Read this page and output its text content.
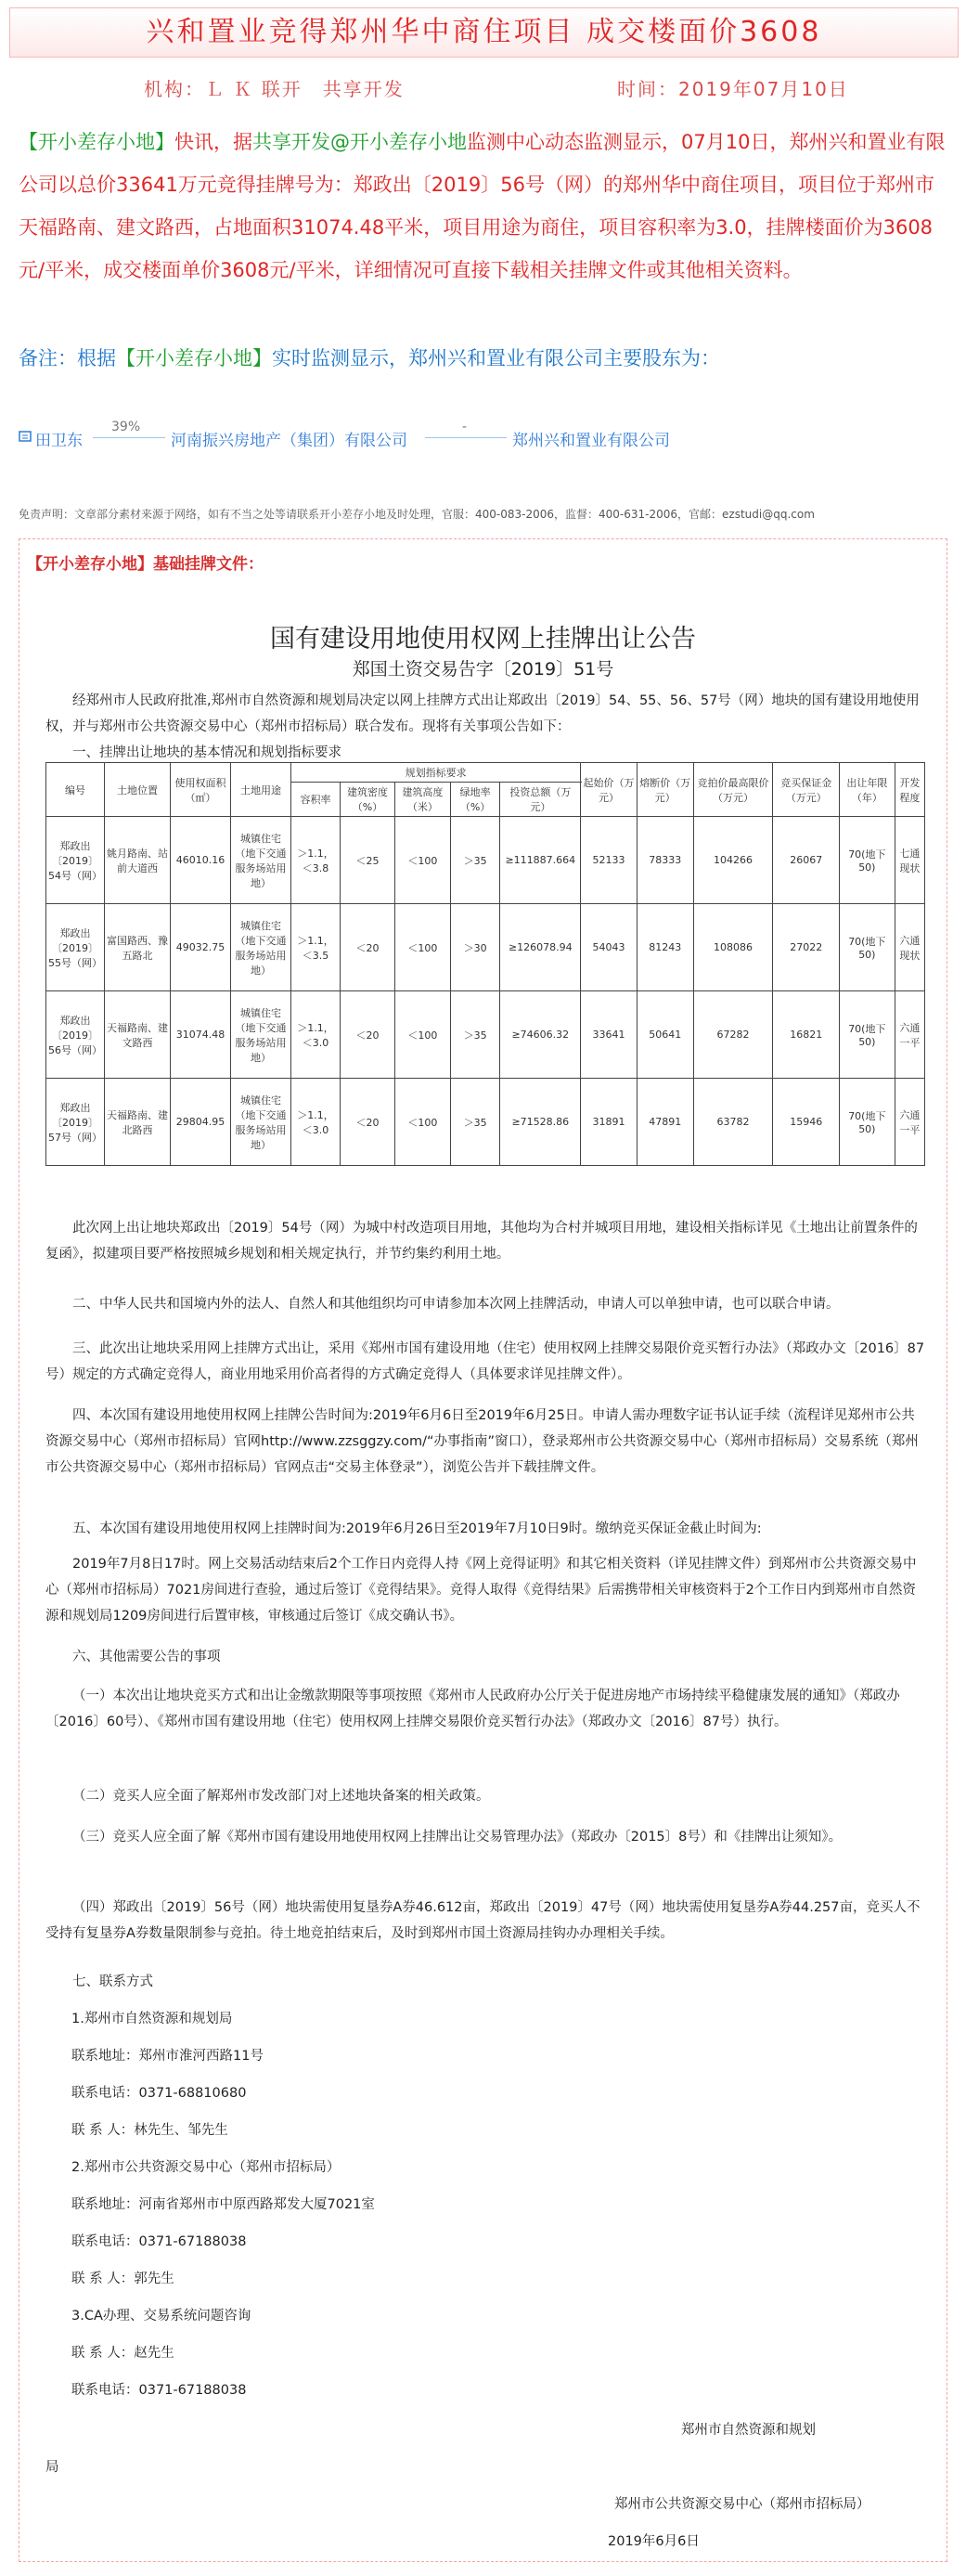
兴和置业竞得郑州华中商住项目 成交楼面价3608
机构：Ｌ Ｋ 联开　共享开发	时间：2019年07月10日
【开小差存小地】快讯，据共享开发@开小差存小地监测中心动态监测显示，07月10日，郑州兴和置业有限公司以总价33641万元竞得挂牌号为：郑政出〔2019〕56号（网）的郑州华中商住项目，项目位于郑州市天福路南、建文路西，占地面积31074.48平米，项目用途为商住，项目容积率为3.0，挂牌楼面价为3608元/平米，成交楼面单价3608元/平米，详细情况可直接下载相关挂牌文件或其他相关资料。
备注：根据【开小差存小地】实时监测显示，郑州兴和置业有限公司主要股东为：
田卫东
39%
河南振兴房地产（集团）有限公司
-
郑州兴和置业有限公司
免责声明：文章部分素材来源于网络，如有不当之处等请联系开小差存小地及时处理，官服：400-083-2006，监督：400-631-2006，官邮：ezstudi@qq.com
【开小差存小地】基础挂牌文件：
国有建设用地使用权网上挂牌出让公告
郑国土资交易告字〔2019〕51号
经郑州市人民政府批准,郑州市自然资源和规划局决定以网上挂牌方式出让郑政出〔2019〕54、55、56、57号（网）地块的国有建设用地使用权，并与郑州市公共资源交易中心（郑州市招标局）联合发布。现将有关事项公告如下：
一、挂牌出让地块的基本情况和规划指标要求
编号	土地位置	使用权面积（㎡）	土地用途	规划指标要求					起始价（万元）	熔断价（万元）	竞拍价最高限价（万元）	竞买保证金（万元）	出让年限（年）	开发程度
				容积率	建筑密度（%）	建筑高度（米）	绿地率（%）	投资总额（万元）						
郑政出〔2019〕54号（网）	姚月路南、站前大道西	46010.16	城镇住宅（地下交通服务场站用地）	＞1.1，＜3.8	＜25	＜100	＞35	≥111887.664	52133	78333	104266	26067	70(地下50)	七通现状
郑政出〔2019〕55号（网）	富国路西、豫五路北	49032.75	城镇住宅（地下交通服务场站用地）	＞1.1，＜3.5	＜20	＜100	＞30	≥126078.94	54043	81243	108086	27022	70(地下50)	六通现状
郑政出〔2019〕56号（网）	天福路南、建文路西	31074.48	城镇住宅（地下交通服务场站用地）	＞1.1，＜3.0	＜20	＜100	＞35	≥74606.32	33641	50641	67282	16821	70(地下50)	六通一平
郑政出〔2019〕57号（网）	天福路南、建北路西	29804.95	城镇住宅（地下交通服务场站用地）	＞1.1，＜3.0	＜20	＜100	＞35	≥71528.86	31891	47891	63782	15946	70(地下50)	六通一平
此次网上出让地块郑政出〔2019〕54号（网）为城中村改造项目用地，其他均为合村并城项目用地，建设相关指标详见《土地出让前置条件的复函》，拟建项目要严格按照城乡规划和相关规定执行，并节约集约利用土地。
二、中华人民共和国境内外的法人、自然人和其他组织均可申请参加本次网上挂牌活动，申请人可以单独申请，也可以联合申请。
三、此次出让地块采用网上挂牌方式出让，采用《郑州市国有建设用地（住宅）使用权网上挂牌交易限价竞买暂行办法》（郑政办文〔2016〕87号）规定的方式确定竞得人，商业用地采用价高者得的方式确定竞得人（具体要求详见挂牌文件）。
四、本次国有建设用地使用权网上挂牌公告时间为:2019年6月6日至2019年6月25日。申请人需办理数字证书认证手续（流程详见郑州市公共资源交易中心（郑州市招标局）官网http://www.zzsggzy.com/“办事指南”窗口），登录郑州市公共资源交易中心（郑州市招标局）交易系统（郑州市公共资源交易中心（郑州市招标局）官网点击“交易主体登录”），浏览公告并下载挂牌文件。
五、本次国有建设用地使用权网上挂牌时间为:2019年6月26日至2019年7月10日9时。缴纳竞买保证金截止时间为:
2019年7月8日17时。网上交易活动结束后2个工作日内竞得人持《网上竞得证明》和其它相关资料（详见挂牌文件）到郑州市公共资源交易中心（郑州市招标局）7021房间进行查验，通过后签订《竞得结果》。竞得人取得《竞得结果》后需携带相关审核资料于2个工作日内到郑州市自然资源和规划局1209房间进行后置审核，审核通过后签订《成交确认书》。
六、其他需要公告的事项
（一）本次出让地块竞买方式和出让金缴款期限等事项按照《郑州市人民政府办公厅关于促进房地产市场持续平稳健康发展的通知》（郑政办〔2016〕60号）、《郑州市国有建设用地（住宅）使用权网上挂牌交易限价竞买暂行办法》（郑政办文〔2016〕87号）执行。
（二）竞买人应全面了解郑州市发改部门对上述地块备案的相关政策。
（三）竞买人应全面了解《郑州市国有建设用地使用权网上挂牌出让交易管理办法》（郑政办〔2015〕8号）和《挂牌出让须知》。
（四）郑政出〔2019〕56号（网）地块需使用复垦券A券46.612亩，郑政出〔2019〕47号（网）地块需使用复垦券A券44.257亩，竞买人不受持有复垦券A券数量限制参与竞拍。待土地竞拍结束后，及时到郑州市国土资源局挂钩办办理相关手续。
七、联系方式
1.郑州市自然资源和规划局
联系地址：郑州市淮河西路11号
联系电话：0371-68810680
联 系 人：林先生、邹先生
2.郑州市公共资源交易中心（郑州市招标局）
联系地址：河南省郑州市中原西路郑发大厦7021室
联系电话：0371-67188038
联 系 人：郭先生
3.CA办理、交易系统问题咨询
联 系 人：赵先生
联系电话：0371-67188038
郑州市自然资源和规划
局
郑州市公共资源交易中心（郑州市招标局）
2019年6月6日
